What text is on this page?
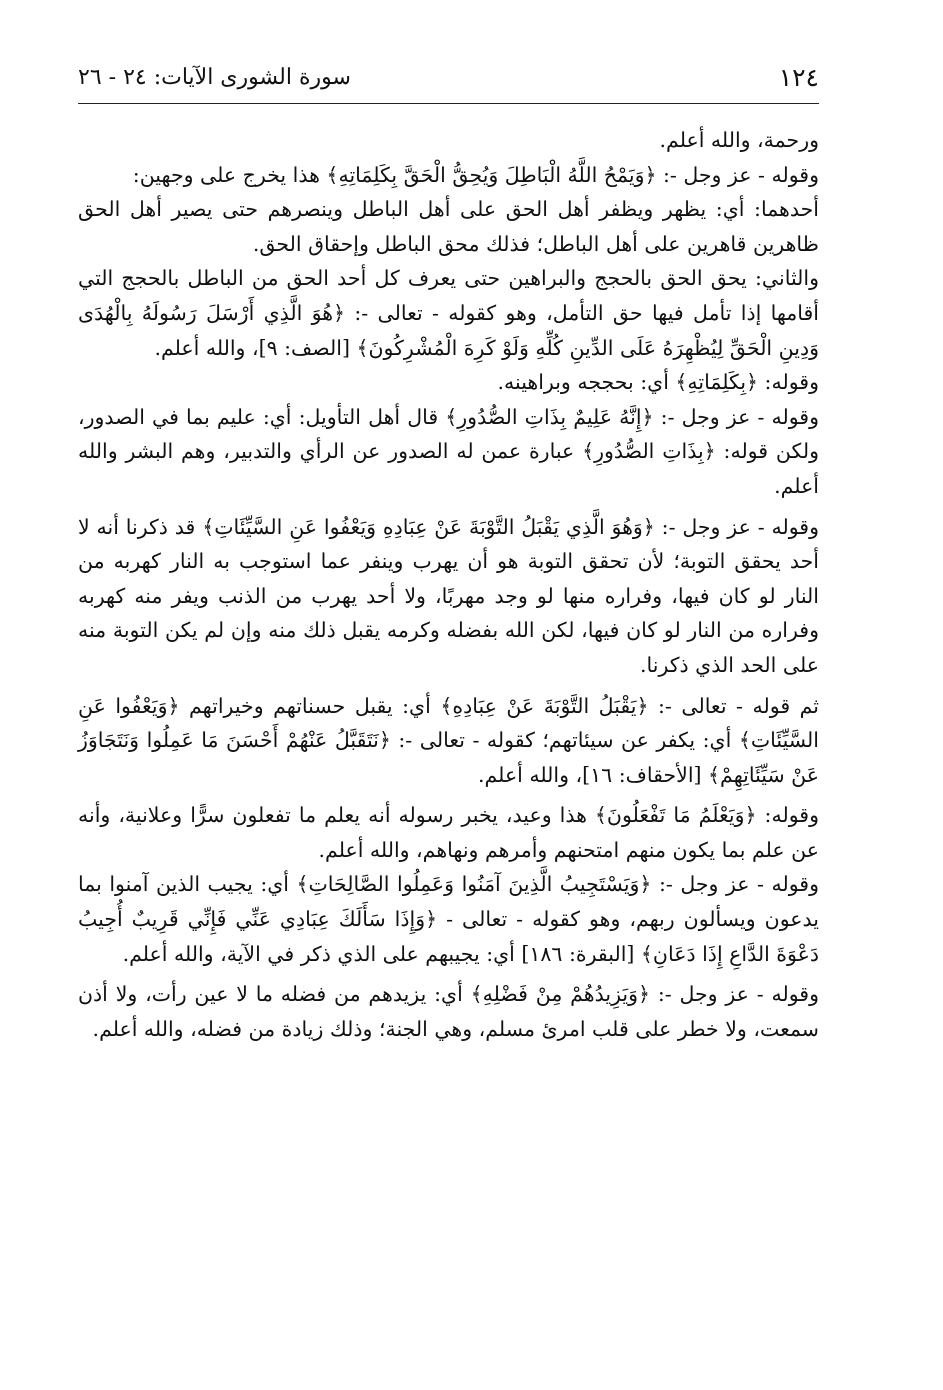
١٢٤
سورة الشورى الآيات: ٢٤ - ٢٦

ورحمة، والله أعلم.

وقوله - عز وجل -: ﴿وَيَمْحُ اللَّهُ الْبَاطِلَ وَيُحِقُّ الْحَقَّ بِكَلِمَاتِهِ﴾ هذا يخرج على وجهين:

أحدهما: أي: يظهر ويظفر أهل الحق على أهل الباطل وينصرهم حتى يصير أهل الحق ظاهرين قاهرين على أهل الباطل؛ فذلك محق الباطل وإحقاق الحق.

والثاني: يحق الحق بالحجج والبراهين حتى يعرف كل أحد الحق من الباطل بالحجج التي أقامها إذا تأمل فيها حق التأمل، وهو كقوله - تعالى -: ﴿هُوَ الَّذِي أَرْسَلَ رَسُولَهُ بِالْهُدَى وَدِينِ الْحَقِّ لِيُظْهِرَهُ عَلَى الدِّينِ كُلِّهِ وَلَوْ كَرِهَ الْمُشْرِكُونَ﴾ [الصف: ٩]، والله أعلم.

وقوله: ﴿بِكَلِمَاتِهِ﴾ أي: بحججه وبراهينه.

وقوله - عز وجل -: ﴿إِنَّهُ عَلِيمٌ بِذَاتِ الصُّدُورِ﴾ قال أهل التأويل: أي: عليم بما في الصدور، ولكن قوله: ﴿بِذَاتِ الصُّدُورِ﴾ عبارة عمن له الصدور عن الرأي والتدبير، وهم البشر والله أعلم.

وقوله - عز وجل -: ﴿وَهُوَ الَّذِي يَقْبَلُ التَّوْبَةَ عَنْ عِبَادِهِ وَيَعْفُوا عَنِ السَّيِّئَاتِ﴾ قد ذكرنا أنه لا أحد يحقق التوبة؛ لأن تحقق التوبة هو أن يهرب وينفر عما استوجب به النار كهربه من النار لو كان فيها، وفراره منها لو وجد مهربًا، ولا أحد يهرب من الذنب ويفر منه كهربه وفراره من النار لو كان فيها، لكن الله بفضله وكرمه يقبل ذلك منه وإن لم يكن التوبة منه على الحد الذي ذكرنا.

ثم قوله - تعالى -: ﴿يَقْبَلُ التَّوْبَةَ عَنْ عِبَادِهِ﴾ أي: يقبل حسناتهم وخيراتهم ﴿وَيَعْفُوا عَنِ السَّيِّئَاتِ﴾ أي: يكفر عن سيئاتهم؛ كقوله - تعالى -: ﴿نَتَقَبَّلُ عَنْهُمْ أَحْسَنَ مَا عَمِلُوا وَنَتَجَاوَزُ عَنْ سَيِّئَاتِهِمْ﴾ [الأحقاف: ١٦]، والله أعلم.

وقوله: ﴿وَيَعْلَمُ مَا تَفْعَلُونَ﴾ هذا وعيد، يخبر رسوله أنه يعلم ما تفعلون سرًّا وعلانية، وأنه عن علم بما يكون منهم امتحنهم وأمرهم ونهاهم، والله أعلم.

وقوله - عز وجل -: ﴿وَيَسْتَجِيبُ الَّذِينَ آمَنُوا وَعَمِلُوا الصَّالِحَاتِ﴾ أي: يجيب الذين آمنوا بما يدعون ويسألون ربهم، وهو كقوله - تعالى - ﴿وَإِذَا سَأَلَكَ عِبَادِي عَنِّي فَإِنِّي قَرِيبٌ أُجِيبُ دَعْوَةَ الدَّاعِ إِذَا دَعَانِ﴾ [البقرة: ١٨٦] أي: يجيبهم على الذي ذكر في الآية، والله أعلم.

وقوله - عز وجل -: ﴿وَيَزِيدُهُمْ مِنْ فَضْلِهِ﴾ أي: يزيدهم من فضله ما لا عين رأت، ولا أذن سمعت، ولا خطر على قلب امرئ مسلم، وهي الجنة؛ وذلك زيادة من فضله، والله أعلم.
